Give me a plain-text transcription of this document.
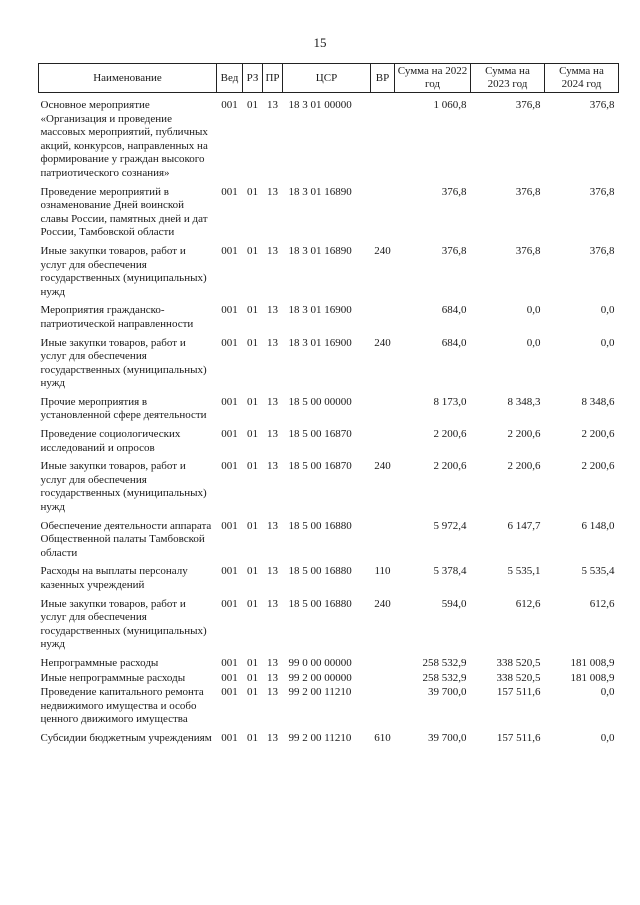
15
Наименование	Вед	РЗ	ПР	ЦСР	ВР	Сумма на 2022 год	Сумма на 2023 год	Сумма на 2024 год
Основное мероприятие «Организация и проведение массовых мероприятий, публичных акций, конкурсов, направленных на формирование у граждан высокого патриотического сознания»	001	01	13	18 3 01 00000		1 060,8	376,8	376,8
Проведение мероприятий в ознаменование Дней воинской славы России, памятных дней и дат России, Тамбовской области	001	01	13	18 3 01 16890		376,8	376,8	376,8
Иные закупки товаров, работ и услуг для обеспечения государственных (муниципальных) нужд	001	01	13	18 3 01 16890	240	376,8	376,8	376,8
Мероприятия гражданско-патриотической направленности	001	01	13	18 3 01 16900		684,0	0,0	0,0
Иные закупки товаров, работ и услуг для обеспечения государственных (муниципальных) нужд	001	01	13	18 3 01 16900	240	684,0	0,0	0,0
Прочие мероприятия в установленной сфере деятельности	001	01	13	18 5 00 00000		8 173,0	8 348,3	8 348,6
Проведение социологических исследований и опросов	001	01	13	18 5 00 16870		2 200,6	2 200,6	2 200,6
Иные закупки товаров, работ и услуг для обеспечения государственных (муниципальных) нужд	001	01	13	18 5 00 16870	240	2 200,6	2 200,6	2 200,6
Обеспечение деятельности аппарата Общественной палаты Тамбовской области	001	01	13	18 5 00 16880		5 972,4	6 147,7	6 148,0
Расходы на выплаты персоналу казенных учреждений	001	01	13	18 5 00 16880	110	5 378,4	5 535,1	5 535,4
Иные закупки товаров, работ и услуг для обеспечения государственных (муниципальных) нужд	001	01	13	18 5 00 16880	240	594,0	612,6	612,6
Непрограммные расходы	001	01	13	99 0 00 00000		258 532,9	338 520,5	181 008,9
Иные непрограммные расходы	001	01	13	99 2 00 00000		258 532,9	338 520,5	181 008,9
Проведение капитального ремонта недвижимого имущества и особо ценного движимого имущества	001	01	13	99 2 00 11210		39 700,0	157 511,6	0,0
Субсидии бюджетным учреждениям	001	01	13	99 2 00 11210	610	39 700,0	157 511,6	0,0
